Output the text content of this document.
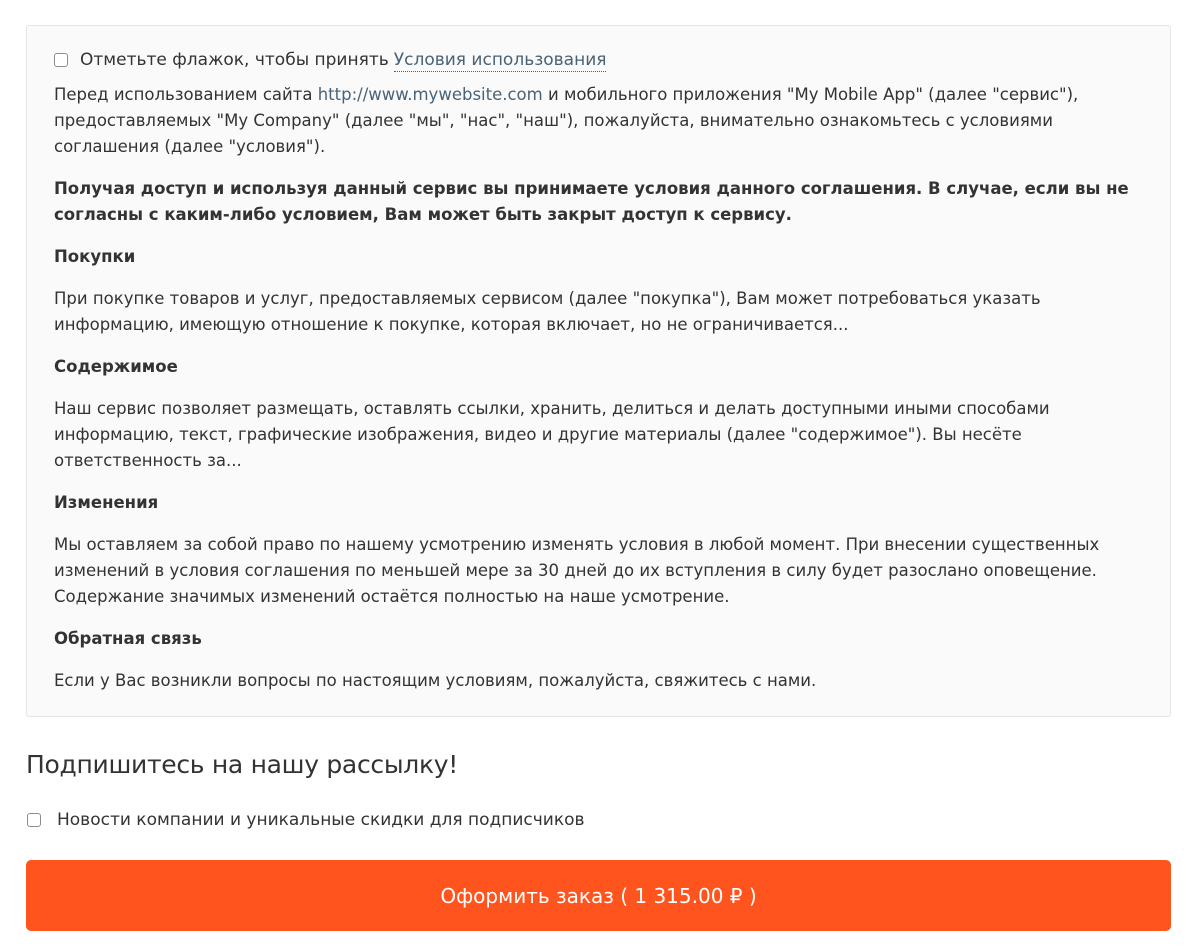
Отметьте флажок, чтобы принять Условия использования

Перед использованием сайта http://www.mywebsite.com и мобильного приложения "My Mobile App" (далее "сервис"), предоставляемых "My Company" (далее "мы", "нас", "наш"), пожалуйста, внимательно ознакомьтесь с условиями соглашения (далее "условия").

Получая доступ и используя данный сервис вы принимаете условия данного соглашения. В случае, если вы не согласны с каким-либо условием, Вам может быть закрыт доступ к сервису.

Покупки

При покупке товаров и услуг, предоставляемых сервисом (далее "покупка"), Вам может потребоваться указать информацию, имеющую отношение к покупке, которая включает, но не ограничивается...

Содержимое

Наш сервис позволяет размещать, оставлять ссылки, хранить, делиться и делать доступными иными способами информацию, текст, графические изображения, видео и другие материалы (далее "содержимое"). Вы несёте ответственность за...

Изменения

Мы оставляем за собой право по нашему усмотрению изменять условия в любой момент. При внесении существенных изменений в условия соглашения по меньшей мере за 30 дней до их вступления в силу будет разослано оповещение. Содержание значимых изменений остаётся полностью на наше усмотрение.

Обратная связь

Если у Вас возникли вопросы по настоящим условиям, пожалуйста, свяжитесь с нами.

Подпишитесь на нашу рассылку!
Новости компании и уникальные скидки для подписчиков
Оформить заказ ( 1 315.00 ₽ )
